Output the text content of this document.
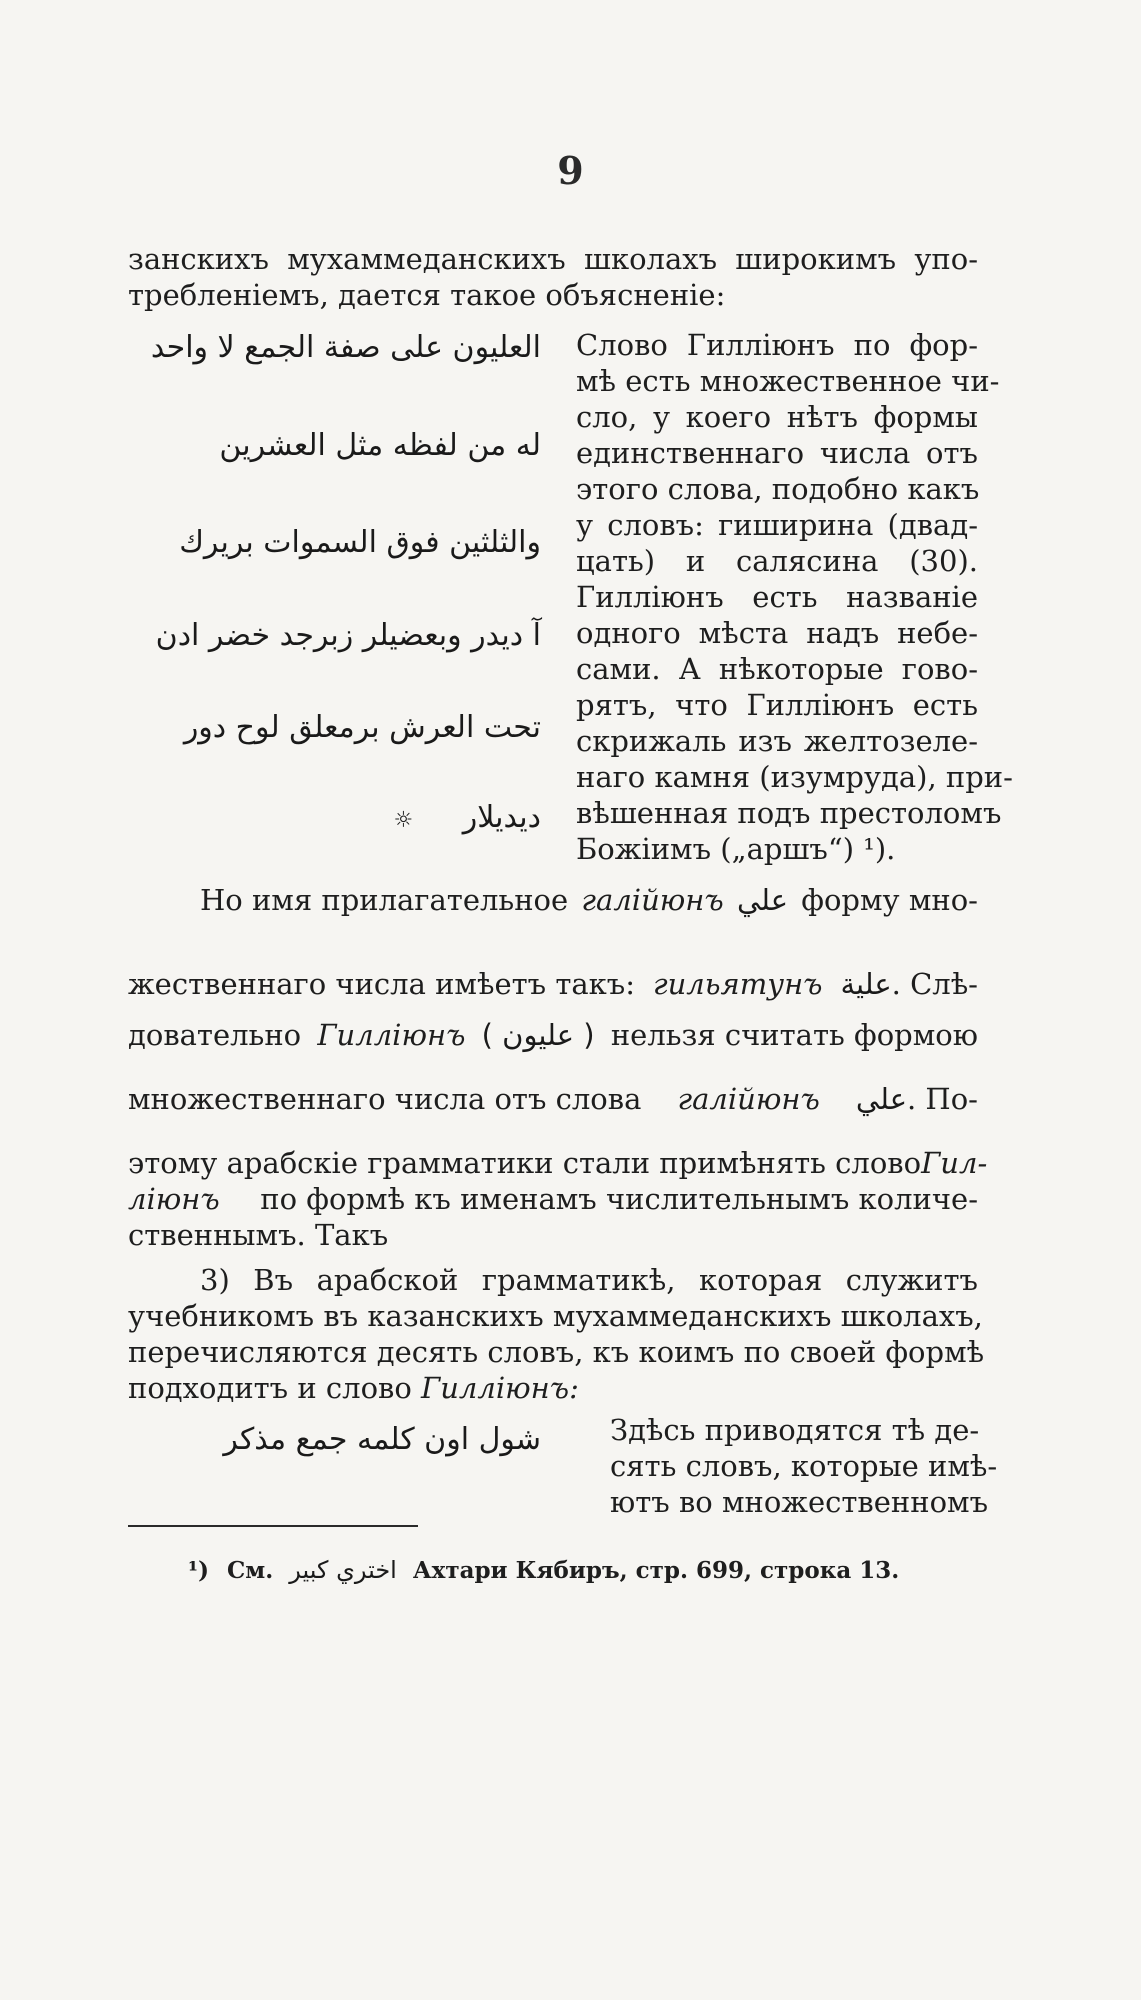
9
занскихъ мухаммеданскихъ школахъ широкимъ упо-
требленіемъ, дается такое объясненіе:
العليون على صفة الجمع لا واحد
له من لفظه مثل العشرين
والثلثين فوق السموات بريرك
آ ديدر وبعضيلر زبرجد خضر ادن
تحت العرش برمعلق لوح دور
ديديلار ☼
Слово Гиллiюнъ по фор-
мѣ есть множественное чи-
сло, у коего нѣтъ формы
единственнаго числа отъ
этого слова, подобно какъ
у словъ: гиширина (двад-
цать) и салясина (30).
Гиллiюнъ есть названіе
одного мѣста надъ небе-
сами. А нѣкоторые гово-
рятъ, что Гиллiюнъ есть
скрижаль изъ желтозеле-
наго камня (изумруда), при-
вѣшенная подъ престоломъ
Божіимъ („аршъ“) ¹).
Но имя прилагательное галiйюнъ علي форму мно-
жественнаго числа имѣетъ такъ: гильятунъ علية. Слѣ-
довательно Гиллiюнъ ( عليون ) нельзя считать формою
множественнаго числа отъ слова галiйюнъ علي. По-
этому арабскіе грамматики стали примѣнять слово Гил-
лiюнъ по формѣ къ именамъ числительнымъ количе-
ственнымъ. Такъ
3) Въ арабской грамматикѣ, которая служитъ
учебникомъ въ казанскихъ мухаммеданскихъ школахъ,
перечисляются десять словъ, къ коимъ по своей формѣ
подходитъ и слово Гиллiюнъ:
شول اون كلمه جمع مذكر Здѣсь приводятся тѣ де-
сять словъ, которые имѣ-
ютъ во множественномъ
¹) См. اختري كبير Ахтари Кябиръ, стр. 699, строка 13.
